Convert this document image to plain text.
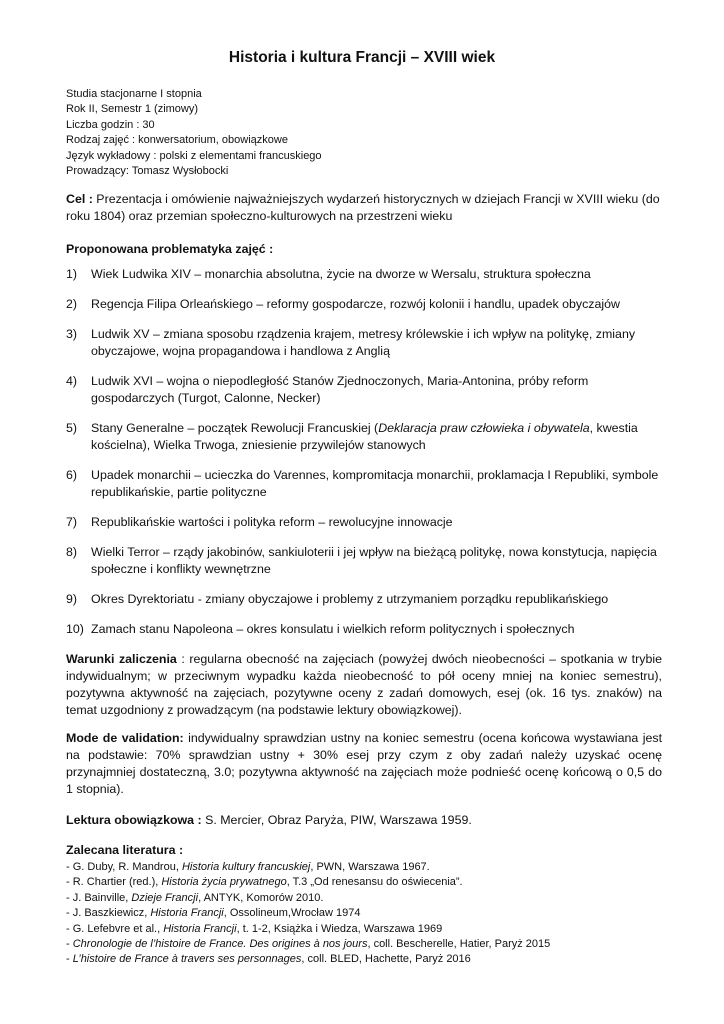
Historia i kultura Francji – XVIII wiek
Studia stacjonarne I stopnia
Rok II, Semestr 1 (zimowy)
Liczba godzin : 30
Rodzaj zajęć : konwersatorium, obowiązkowe
Język wykładowy : polski z elementami francuskiego
Prowadzący: Tomasz Wysłobocki

Cel : Prezentacja i omówienie najważniejszych wydarzeń historycznych w dziejach Francji w XVIII wieku (do roku 1804) oraz przemian społeczno-kulturowych na przestrzeni wieku

Proponowana problematyka zajęć :

1) Wiek Ludwika XIV – monarchia absolutna, życie na dworze w Wersalu, struktura społeczna
2) Regencja Filipa Orleańskiego – reformy gospodarcze, rozwój kolonii i handlu, upadek obyczajów
3) Ludwik XV – zmiana sposobu rządzenia krajem, metresy królewskie i ich wpływ na politykę, zmiany obyczajowe, wojna propagandowa i handlowa z Anglią
4) Ludwik XVI – wojna o niepodległość Stanów Zjednoczonych, Maria-Antonina, próby reform gospodarczych (Turgot, Calonne, Necker)
5) Stany Generalne – początek Rewolucji Francuskiej (Deklaracja praw człowieka i obywatela, kwestia kościelna), Wielka Trwoga, zniesienie przywilejów stanowych
6) Upadek monarchii – ucieczka do Varennes, kompromitacja monarchii, proklamacja I Republiki, symbole republikańskie, partie polityczne
7) Republikańskie wartości i polityka reform – rewolucyjne innowacje
8) Wielki Terror – rządy jakobinów, sankiuloterii i jej wpływ na bieżącą politykę, nowa konstytucja, napięcia społeczne i konflikty wewnętrzne
9) Okres Dyrektoriatu - zmiany obyczajowe i problemy z utrzymaniem porządku republikańskiego
10) Zamach stanu Napoleona – okres konsulatu i wielkich reform politycznych i społecznych

Warunki zaliczenia : regularna obecność na zajęciach (powyżej dwóch nieobecności – spotkania w trybie indywidualnym; w przeciwnym wypadku każda nieobecność to pół oceny mniej na koniec semestru), pozytywna aktywność na zajęciach, pozytywne oceny z zadań domowych, esej (ok. 16 tys. znaków) na temat uzgodniony z prowadzącym (na podstawie lektury obowiązkowej).

Mode de validation: indywidualny sprawdzian ustny na koniec semestru (ocena końcowa wystawiana jest na podstawie: 70% sprawdzian ustny + 30% esej przy czym z oby zadań należy uzyskać ocenę przynajmniej dostateczną, 3.0; pozytywna aktywność na zajęciach może podnieść ocenę końcową o 0,5 do 1 stopnia).

Lektura obowiązkowa : S. Mercier, Obraz Paryża, PIW, Warszawa 1959.

Zalecana literatura :

- G. Duby, R. Mandrou, Historia kultury francuskiej, PWN, Warszawa 1967.
- R. Chartier (red.), Historia życia prywatnego, T.3 „Od renesansu do oświecenia”.
- J. Bainville, Dzieje Francji, ANTYK, Komorów 2010.
- J. Baszkiewicz, Historia Francji, Ossolineum,Wrocław 1974
- G. Lefebvre et al., Historia Francji, t. 1-2, Książka i Wiedza, Warszawa 1969
- Chronologie de l’histoire de France. Des origines à nos jours, coll. Bescherelle, Hatier, Paryż 2015
- L’histoire de France à travers ses personnages, coll. BLED, Hachette, Paryż 2016
